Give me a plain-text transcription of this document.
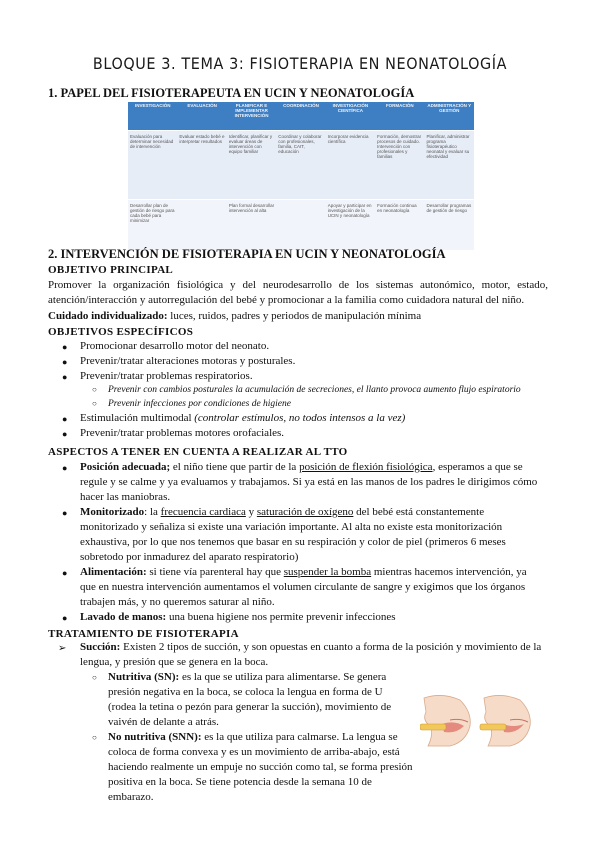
BLOQUE 3. TEMA 3: FISIOTERAPIA EN NEONATOLOGÍA
1. PAPEL DEL FISIOTERAPEUTA EN UCIN Y NEONATOLOGÍA
INVESTIGACIÓN	EVALUACIÓN	PLANIFICAR E IMPLEMENTAR INTERVENCIÓN	COORDINACIÓN	INVESTIGACIÓN CIENTÍFICA	FORMACIÓN	ADMINISTRACIÓN Y GESTIÓN
Evaluación para determinar necesidad de intervención	Evaluar estado bebé e interpretar resultados	Identificar, planificar y evaluar áreas de intervención con equipo familiar	Coordinar y colaborar con profesionales, familia, CAIT, educación	Incorporar evidencia científica	Formación, demostrar procesos de cuidado. Intervención con profesionales y familias	Planificar, administrar programa fisioterapéutico neonatal y evaluar su efectividad
Desarrollar plan de gestión de riesgo para cada bebé para minimizar		Plan formal desarrollar intervención al alta		Apoyar y participar en investigación de la UCIN y neonatología	Formación continua en neonatología	Desarrollar programas de gestión de riesgo
2. INTERVENCIÓN DE FISIOTERAPIA EN UCIN Y NEONATOLOGÍA
OBJETIVO PRINCIPAL
Promover la organización fisiológica y del neurodesarrollo de los sistemas autonómico, motor, estado, atención/interacción y autorregulación del bebé y promocionar a la familia como cuidadora natural del niño.
Cuidado individualizado: luces, ruidos, padres y periodos de manipulación mínima
OBJETIVOS ESPECÍFICOS
● Promocionar desarrollo motor del neonato.
● Prevenir/tratar alteraciones motoras y posturales.
● Prevenir/tratar problemas respiratorios.
○ Prevenir con cambios posturales la acumulación de secreciones, el llanto provoca aumento flujo espiratorio
○ Prevenir infecciones por condiciones de higiene
● Estimulación multimodal (controlar estímulos, no todos intensos a la vez)
● Prevenir/tratar problemas motores orofaciales.
ASPECTOS A TENER EN CUENTA A REALIZAR AL TTO
● Posición adecuada; el niño tiene que partir de la posición de flexión fisiológica, esperamos a que se
regule y se calme y ya evaluamos y trabajamos. Si ya está en las manos de los padres le dirigimos cómo
hacer las maniobras.
● Monitorizado: la frecuencia cardiaca y saturación de oxígeno del bebé está constantemente
monitorizado y señaliza si existe una variación importante. Al alta no existe esta monitorización
exhaustiva, por lo que nos tenemos que basar en su respiración y color de piel (primeros 6 meses
sobretodo por inmadurez del aparato respiratorio)
● Alimentación: si tiene vía parenteral hay que suspender la bomba mientras hacemos intervención, ya
que en nuestra intervención aumentamos el volumen circulante de sangre y exigimos que los órganos
trabajen más, y no queremos saturar al niño.
● Lavado de manos: una buena higiene nos permite prevenir infecciones
TRATAMIENTO DE FISIOTERAPIA
➢ Succión: Existen 2 tipos de succión, y son opuestas en cuanto a forma de la posición y movimiento de la
lengua, y presión que se genera en la boca.
○ Nutritiva (SN): es la que se utiliza para alimentarse. Se genera
presión negativa en la boca, se coloca la lengua en forma de U
(rodea la tetina o pezón para generar la succión), movimiento de
vaivén de delante a atrás.
○ No nutritiva (SNN): es la que utiliza para calmarse. La lengua se
coloca de forma convexa y es un movimiento de arriba-abajo, está
haciendo realmente un empuje no succión como tal, se forma presión
positiva en la boca. Se tiene potencia desde la semana 10 de
embarazo.
